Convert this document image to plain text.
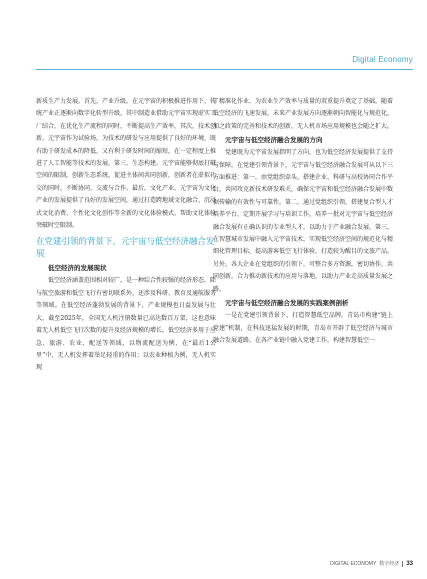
Digital Economy

新质生产力发展。首先，产业升级。在元宇宙的积极推进作用下，传统产业正逐渐向数字化转型升级，其中制造业借助元宇宙实现虚实工厂结合，在优化生产流程的同时，不断提高生产效率，其次，技术创新，元宇宙作为试验场，为技术的研发与应用提供了良好的环境，既有助于研发成本的降低，又有利于研发时间的缩短，在一定程度上推进了人工智能等技术的发展。第三，生态构建。元宇宙能够彻底打破空间的限制，创新生态系统，促进主体间共同创新，创新者在虚拟社交的同时，不断协同、交流与合作。最后，文化产业。元宇宙为文化产业的发展提供了良好的发展空间，通过打造跨地域文化融合、沉浸式文化消费、个性化文化创作等全新的文化体验模式，帮助文化体验突破时空限制。

在党建引领的背景下，元宇宙与低空经济融合发展
低空经济的发展现状

低空经济涵盖范围相对较广，是一种综合性较强的经济形态，除与航空旅游和低空飞行有密切联系外，还涉及科研、教育及通航服务等领域。在低空经济蓬勃发展的背景下，产业规模也日益发展与壮大，截至2025年，全国无人机注册数量已高达数百万架，这也意味着无人机低空飞行次数的提升及经济规模的增长。低空经济多用于应急、旅游、农业、配送等领域，以物流配送为例，在“最后1公里”中，无人机发挥着举足轻重的作用；以农业种植为例，无人机实现

了精准化作业，为农业生产效率与质量的双重提升奠定了基础。随着低空经济的飞速发展，未来产业发展方向逐渐朝向智能化与规范化，加之政策的完善和技术的创新，无人机市场应用规模也会随之扩大。

元宇宙与低空经济融合发展的方向

党建既为元宇宙发展指明了方向，也为低空经济发展提供了支持与保障。在党建引领背景下，元宇宙与低空经济融合发展可从以下三方面推进：第一，由党组织牵头，搭建企业、科研与高校协同合作平台，共同攻克新技术研发难关，确保元宇宙和低空经济融合发展中数据传输的有效性与可靠性。第二，通过党组织引领，搭建复合型人才培养平台，定期开展学习与培训工作，培养一批对元宇宙与低空经济融合发展有正确认识的专业型人才，以助力于产业融合发展。第三，在智慧城市发展中融入元宇宙技术，实现低空经济空间的规范化与精细化管理目标，提高游客低空飞行体验，打造较为醒目的文旅产品。另外，各大企业在党组织的引领下，可整合多方资源，密切协作，共同创新，合力推动新技术的应用与落地，以助力产业走高质量发展之路。

元宇宙与低空经济融合发展的实践案例剖析

一是在党建引领背景下，打造智慧低空品牌。青岛市构建“链上党建”机制，在科技迅猛发展的时期，青岛市开辟了低空经济与城市融合发展道路，在各产业链中融入党建工作，构建智慧低空一

DIGITAL ECONOMY 数字经济 33
